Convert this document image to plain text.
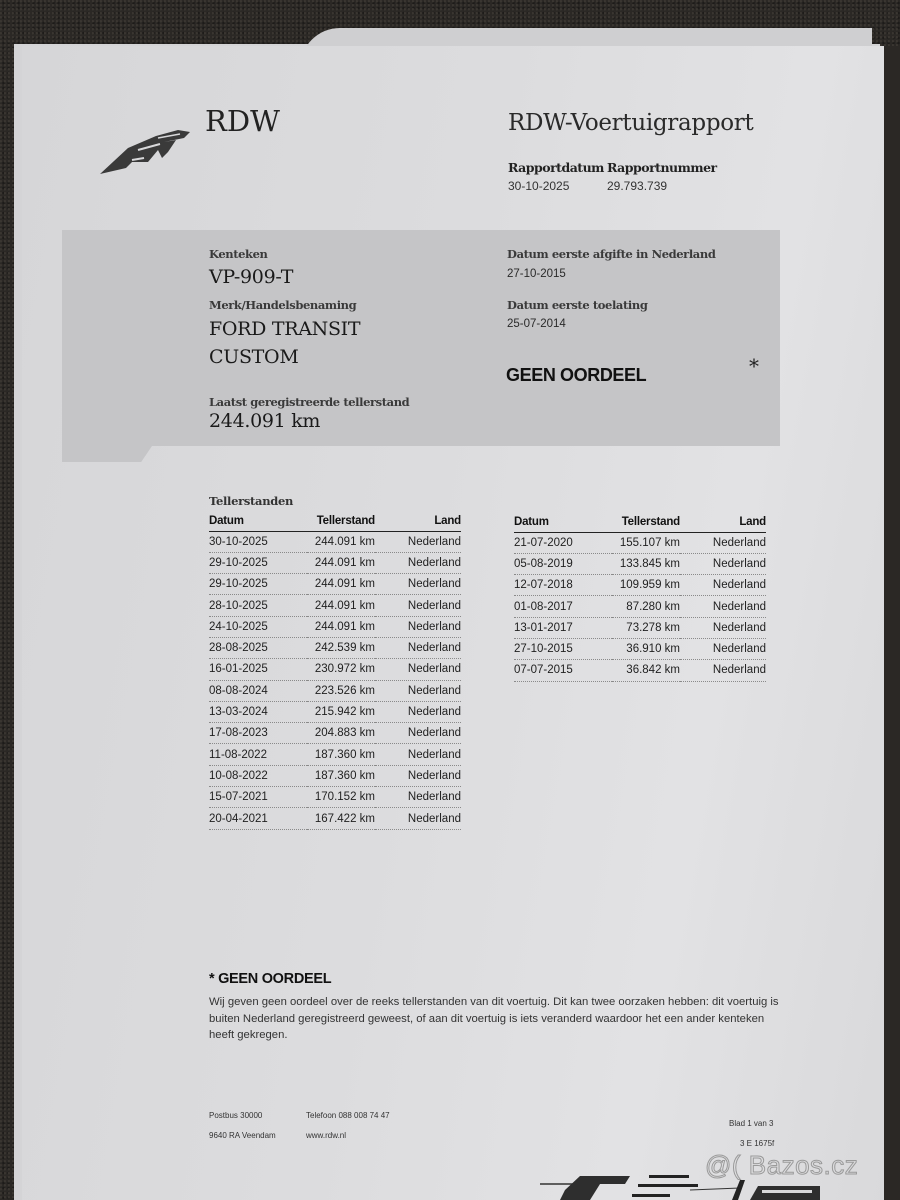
RDW	RDW-Voertuigrapport
Rapportdatum
30-10-2025
Rapportnummer
29.793.739
Kenteken
VP-909-T
Merk/Handelsbenaming
FORD TRANSIT
CUSTOM
Laatst geregistreerde tellerstand
244.091 km
Datum eerste afgifte in Nederland
27-10-2015
Datum eerste toelating
25-07-2014
GEEN OORDEEL	*
Tellerstanden
Datum	Tellerstand	Land
30-10-2025	244.091 km	Nederland
29-10-2025	244.091 km	Nederland
29-10-2025	244.091 km	Nederland
28-10-2025	244.091 km	Nederland
24-10-2025	244.091 km	Nederland
28-08-2025	242.539 km	Nederland
16-01-2025	230.972 km	Nederland
08-08-2024	223.526 km	Nederland
13-03-2024	215.942 km	Nederland
17-08-2023	204.883 km	Nederland
11-08-2022	187.360 km	Nederland
10-08-2022	187.360 km	Nederland
15-07-2021	170.152 km	Nederland
20-04-2021	167.422 km	Nederland
Datum	Tellerstand	Land
21-07-2020	155.107 km	Nederland
05-08-2019	133.845 km	Nederland
12-07-2018	109.959 km	Nederland
01-08-2017	87.280 km	Nederland
13-01-2017	73.278 km	Nederland
27-10-2015	36.910 km	Nederland
07-07-2015	36.842 km	Nederland
* GEEN OORDEEL
Wij geven geen oordeel over de reeks tellerstanden van dit voertuig. Dit kan twee oorzaken hebben: dit voertuig is buiten Nederland geregistreerd geweest, of aan dit voertuig is iets veranderd waardoor het een ander kenteken heeft gekregen.
Postbus 30000
9640 RA Veendam
Telefoon 088 008 74 47
www.rdw.nl
Blad 1 van 3
3 E 1675f
@( Bazos.cz
